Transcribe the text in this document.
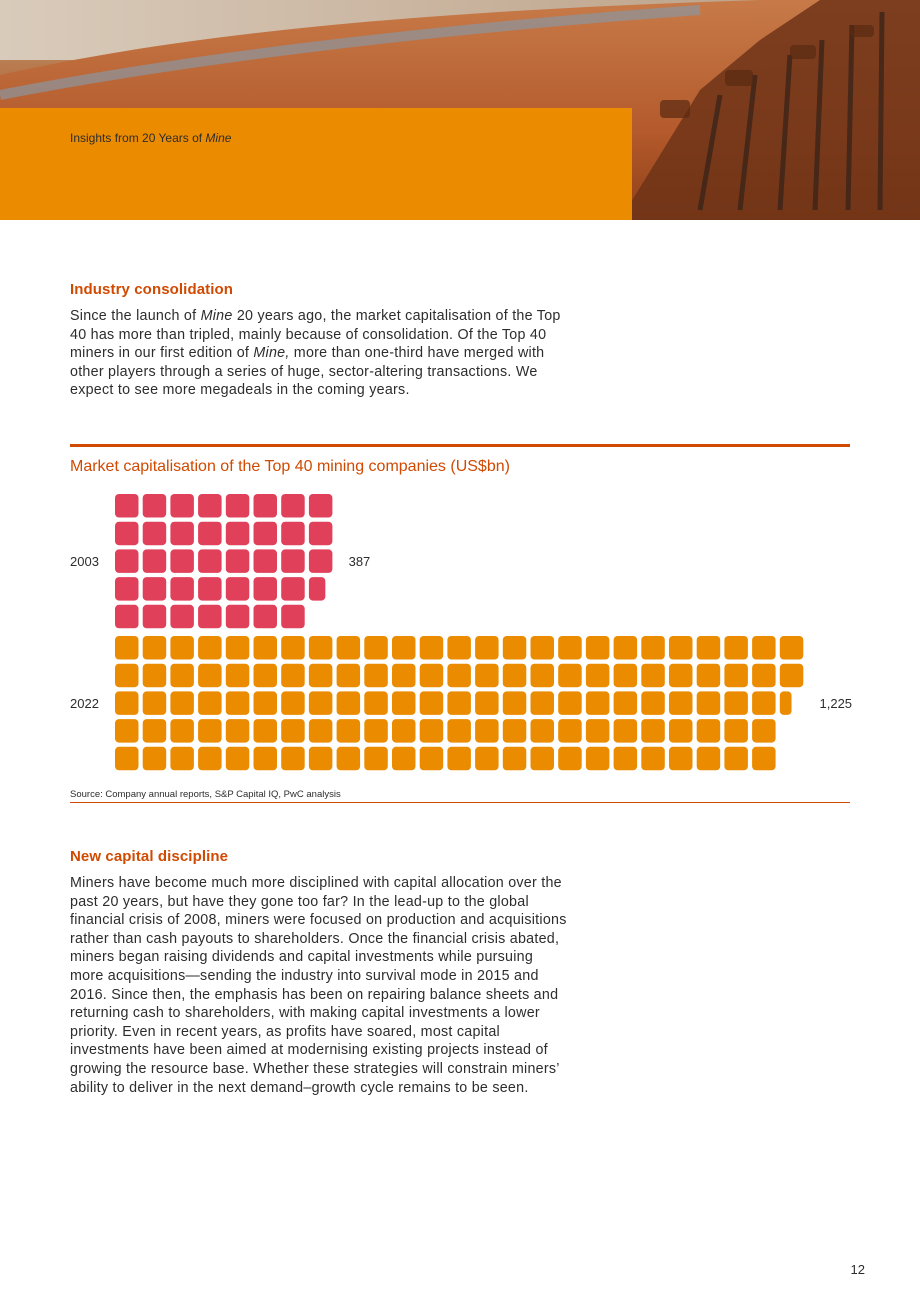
Insights from 20 Years of Mine
Industry consolidation
Since the launch of Mine 20 years ago, the market capitalisation of the Top 40 has more than tripled, mainly because of consolidation. Of the Top 40 miners in our first edition of Mine, more than one-third have merged with other players through a series of huge, sector-altering transactions. We expect to see more megadeals in the coming years.
Market capitalisation of the Top 40 mining companies (US$bn)
2003	387
2022	1,225
Source: Company annual reports, S&P Capital IQ, PwC analysis
New capital discipline
Miners have become much more disciplined with capital allocation over the past 20 years, but have they gone too far? In the lead-up to the global financial crisis of 2008, miners were focused on production and acquisitions rather than cash payouts to shareholders. Once the financial crisis abated, miners began raising dividends and capital investments while pursuing more acquisitions—sending the industry into survival mode in 2015 and 2016. Since then, the emphasis has been on repairing balance sheets and returning cash to shareholders, with making capital investments a lower priority. Even in recent years, as profits have soared, most capital investments have been aimed at modernising existing projects instead of growing the resource base. Whether these strategies will constrain miners’ ability to deliver in the next demand–growth cycle remains to be seen.
12
